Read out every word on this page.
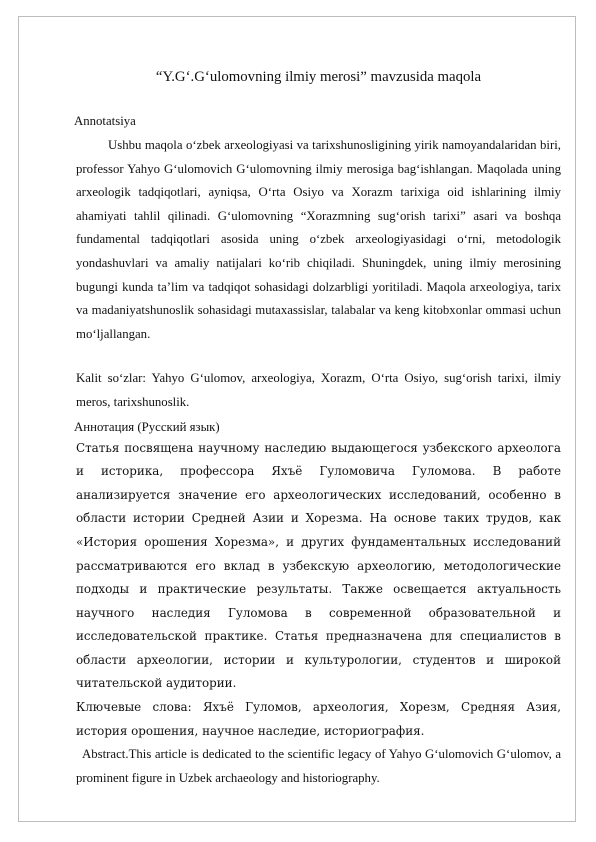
“Y.G‘.G‘ulomovning ilmiy merosi” mavzusida maqola

Annotatsiya

Ushbu maqola o‘zbek arxeologiyasi va tarixshunosligining yirik namoyandalaridan biri, professor Yahyo G‘ulomovich G‘ulomovning ilmiy merosiga bag‘ishlangan. Maqolada uning arxeologik tadqiqotlari, ayniqsa, O‘rta Osiyo va Xorazm tarixiga oid ishlarining ilmiy ahamiyati tahlil qilinadi. G‘ulomovning “Xorazmning sug‘orish tarixi” asari va boshqa fundamental tadqiqotlari asosida uning o‘zbek arxeologiyasidagi o‘rni, metodologik yondashuvlari va amaliy natijalari ko‘rib chiqiladi. Shuningdek, uning ilmiy merosining bugungi kunda ta’lim va tadqiqot sohasidagi dolzarbligi yoritiladi. Maqola arxeologiya, tarix va madaniyatshunoslik sohasidagi mutaxassislar, talabalar va keng kitobxonlar ommasi uchun mo‘ljallangan.

Kalit so‘zlar: Yahyo G‘ulomov, arxeologiya, Xorazm, O‘rta Osiyo, sug‘orish tarixi, ilmiy meros, tarixshunoslik.

Аннотация (Русский язык)

Статья посвящена научному наследию выдающегося узбекского археолога и историка, профессора Яхъё Гуломовича Гуломова. В работе анализируется значение его археологических исследований, особенно в области истории Средней Азии и Хорезма. На основе таких трудов, как «История орошения Хорезма», и других фундаментальных исследований рассматриваются его вклад в узбекскую археологию, методологические подходы и практические результаты. Также освещается актуальность научного наследия Гуломова в современной образовательной и исследовательской практике. Статья предназначена для специалистов в области археологии, истории и культурологии, студентов и широкой читательской аудитории.

Ключевые слова: Яхъё Гуломов, археология, Хорезм, Средняя Азия, история орошения, научное наследие, историография.

Abstract.This article is dedicated to the scientific legacy of Yahyo G‘ulomovich G‘ulomov, a prominent figure in Uzbek archaeology and historiography.
